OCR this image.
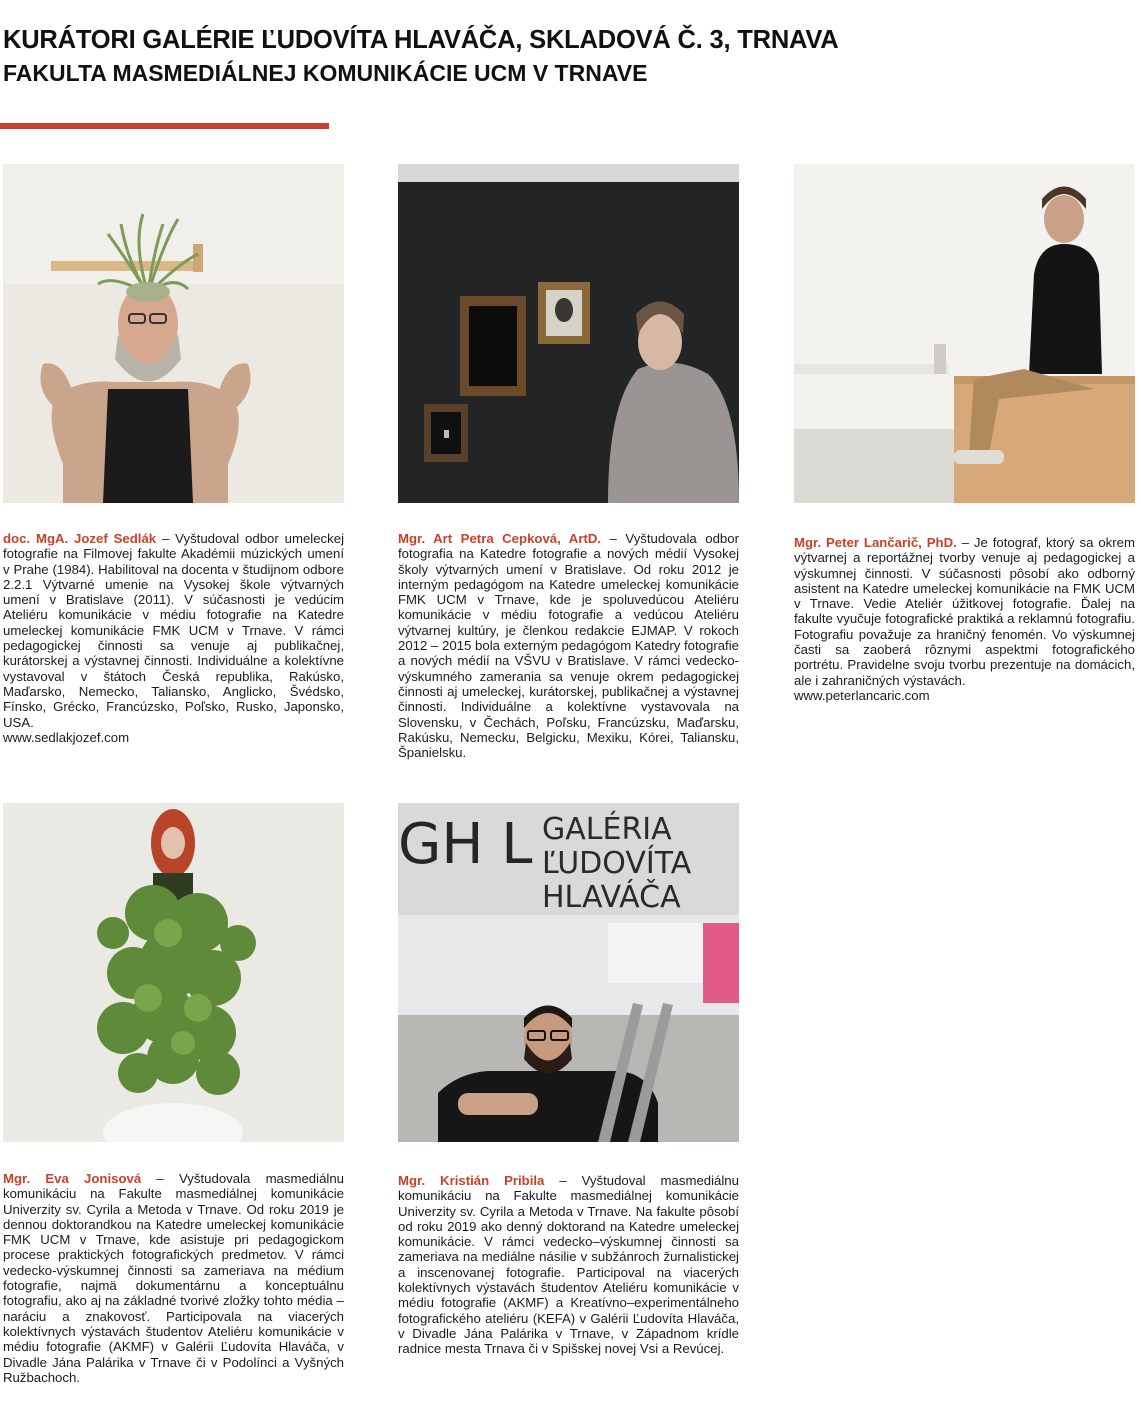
KURÁTORI GALÉRIE ĽUDOVÍTA HLAVÁČA, SKLADOVÁ Č. 3, TRNAVA
FAKULTA MASMEDIÁLNEJ KOMUNIKÁCIE UCM V TRNAVE
GH L GALÉRIA
ĽUDOVÍTA
HLAVÁČA

doc. MgA. Jozef Sedlák – Vyštudoval odbor umeleckej fotografie na Filmovej fakulte Akadémii múzických umení v Prahe (1984). Habilitoval na docenta v študijnom odbore 2.2.1 Výtvarné umenie na Vysokej škole výtvarných umení v Bratislave (2011). V súčasnosti je vedúcim Ateliéru komunikácie v médiu fotografie na Katedre umeleckej komunikácie FMK UCM v Trnave. V rámci pedagogickej činnosti sa venuje aj publikačnej, kurátorskej a výstavnej činnosti. Individuálne a kolektívne vystavoval v štátoch Česká republika, Rakúsko, Maďarsko, Nemecko, Taliansko, Anglicko, Švédsko, Fínsko, Grécko, Francúzsko, Poľsko, Rusko, Japonsko, USA.

www.sedlakjozef.com

Mgr. Art Petra Cepková, ArtD. – Vyštudovala odbor fotografia na Katedre fotografie a nových médií Vysokej školy výtvarných umení v Bratislave. Od roku 2012 je interným pedagógom na Katedre umeleckej komunikácie FMK UCM v Trnave, kde je spoluvedúcou Ateliéru komunikácie v médiu fotografie a vedúcou Ateliéru výtvarnej kultúry, je členkou redakcie EJMAP. V rokoch 2012 – 2015 bola externým pedagógom Katedry fotografie a nových médií na VŠVU v Bratislave. V rámci vedecko-výskumného zamerania sa venuje okrem pedagogickej činnosti aj umeleckej, kurátorskej, publikačnej a výstavnej činnosti. Individuálne a kolektívne vystavovala na Slovensku, v Čechách, Poľsku, Francúzsku, Maďarsku, Rakúsku, Nemecku, Belgicku, Mexiku, Kórei, Taliansku, Španielsku.

Mgr. Peter Lančarič, PhD. – Je fotograf, ktorý sa okrem výtvarnej a reportážnej tvorby venuje aj pedagogickej a výskumnej činnosti. V súčasnosti pôsobí ako odborný asistent na Katedre umeleckej komunikácie na FMK UCM v Trnave. Vedie Ateliér úžitkovej fotografie. Ďalej na fakulte vyučuje fotografické praktiká a reklamnú fotografiu. Fotografiu považuje za hraničný fenomén. Vo výskumnej časti sa zaoberá rôznymi aspektmi fotografického portrétu. Pravidelne svoju tvorbu prezentuje na domácich, ale i zahraničných výstavách.

www.peterlancaric.com

Mgr. Eva Jonisová – Vyštudovala masmediálnu komunikáciu na Fakulte masmediálnej komunikácie Univerzity sv. Cyrila a Metoda v Trnave. Od roku 2019 je dennou doktorandkou na Katedre umeleckej komunikácie FMK UCM v Trnave, kde asistuje pri pedagogickom procese praktických fotografických predmetov. V rámci vedecko-výskumnej činnosti sa zameriava na médium fotografie, najmä dokumentárnu a konceptuálnu fotografiu, ako aj na základné tvorivé zložky tohto média – naráciu a znakovosť. Participovala na viacerých kolektívnych výstavách študentov Ateliéru komunikácie v médiu fotografie (AKMF) v Galérii Ľudovíta Hlaváča, v Divadle Jána Palárika v Trnave či v Podolínci a Vyšných Ružbachoch.

Mgr. Kristián Pribila – Vyštudoval masmediálnu komunikáciu na Fakulte masmediálnej komunikácie Univerzity sv. Cyrila a Metoda v Trnave. Na fakulte pôsobí od roku 2019 ako denný doktorand na Katedre umeleckej komunikácie. V rámci vedecko–výskumnej činnosti sa zameriava na mediálne násilie v subžánroch žurnalistickej a inscenovanej fotografie. Participoval na viacerých kolektívnych výstavách študentov Ateliéru komunikácie v médiu fotografie (AKMF) a Kreatívno–experimentálneho fotografického ateliéru (KEFA) v Galérii Ľudovíta Hlaváča, v Divadle Jána Palárika v Trnave, v Západnom krídle radnice mesta Trnava či v Spišskej novej Vsi a Revúcej.
